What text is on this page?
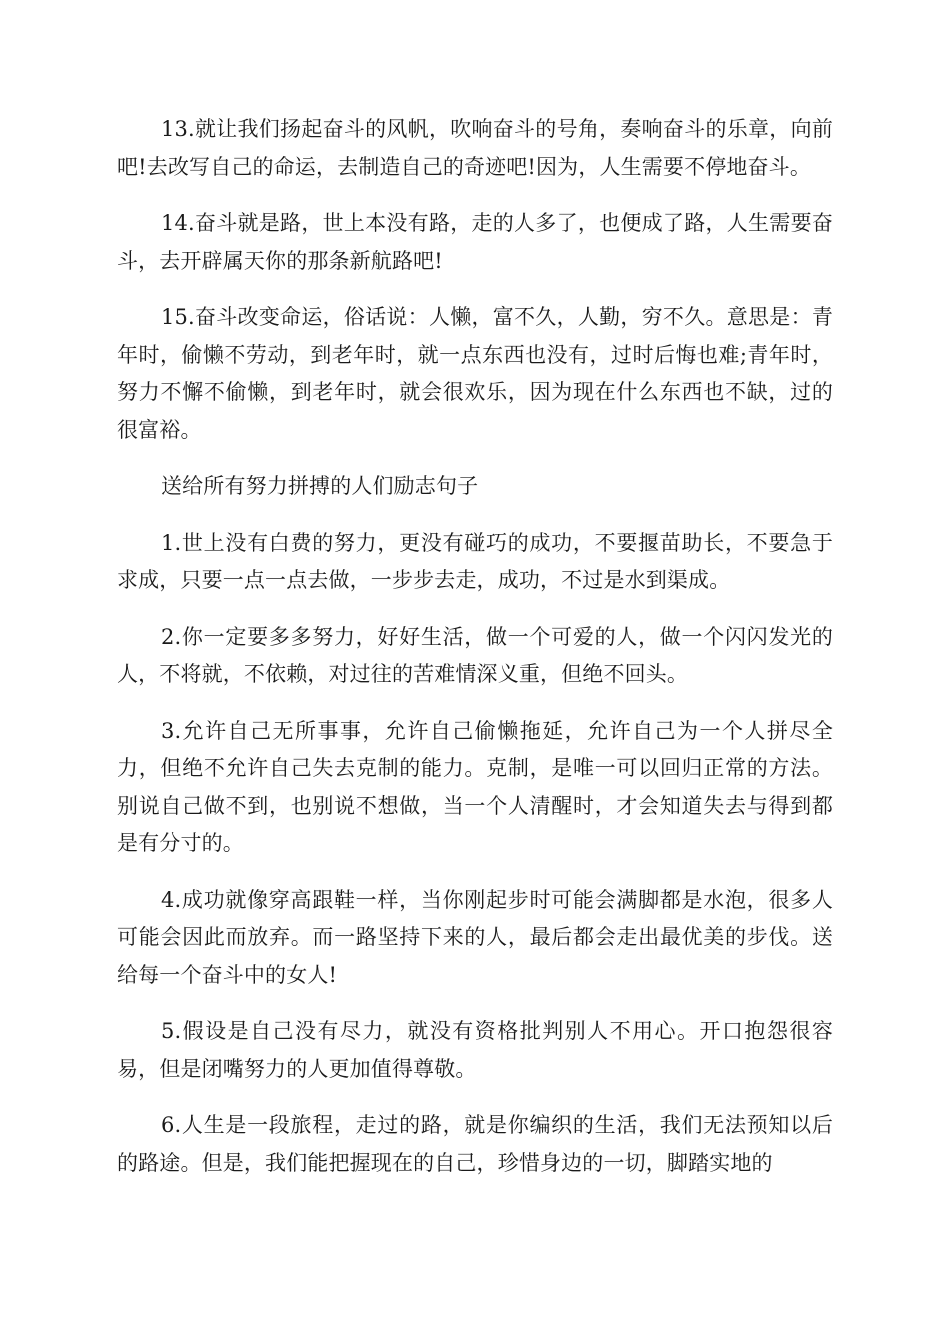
13.就让我们扬起奋斗的风帆，吹响奋斗的号角，奏响奋斗的乐章，向前吧!去改写自己的命运，去制造自己的奇迹吧!因为，人生需要不停地奋斗。

14.奋斗就是路，世上本没有路，走的人多了，也便成了路，人生需要奋斗，去开辟属天你的那条新航路吧!

15.奋斗改变命运，俗话说：人懒，富不久，人勤，穷不久。意思是：青年时，偷懒不劳动，到老年时，就一点东西也没有，过时后悔也难;青年时，努力不懈不偷懒，到老年时，就会很欢乐，因为现在什么东西也不缺，过的很富裕。

送给所有努力拼搏的人们励志句子

1.世上没有白费的努力，更没有碰巧的成功，不要揠苗助长，不要急于求成，只要一点一点去做，一步步去走，成功，不过是水到渠成。

2.你一定要多多努力，好好生活，做一个可爱的人，做一个闪闪发光的人，不将就，不依赖，对过往的苦难情深义重，但绝不回头。

3.允许自己无所事事，允许自己偷懒拖延，允许自己为一个人拼尽全力，但绝不允许自己失去克制的能力。克制，是唯一可以回归正常的方法。别说自己做不到，也别说不想做，当一个人清醒时，才会知道失去与得到都是有分寸的。

4.成功就像穿高跟鞋一样，当你刚起步时可能会满脚都是水泡，很多人可能会因此而放弃。而一路坚持下来的人，最后都会走出最优美的步伐。送给每一个奋斗中的女人!

5.假设是自己没有尽力，就没有资格批判别人不用心。开口抱怨很容易，但是闭嘴努力的人更加值得尊敬。

6.人生是一段旅程，走过的路，就是你编织的生活，我们无法预知以后的路途。但是，我们能把握现在的自己，珍惜身边的一切，脚踏实地的
